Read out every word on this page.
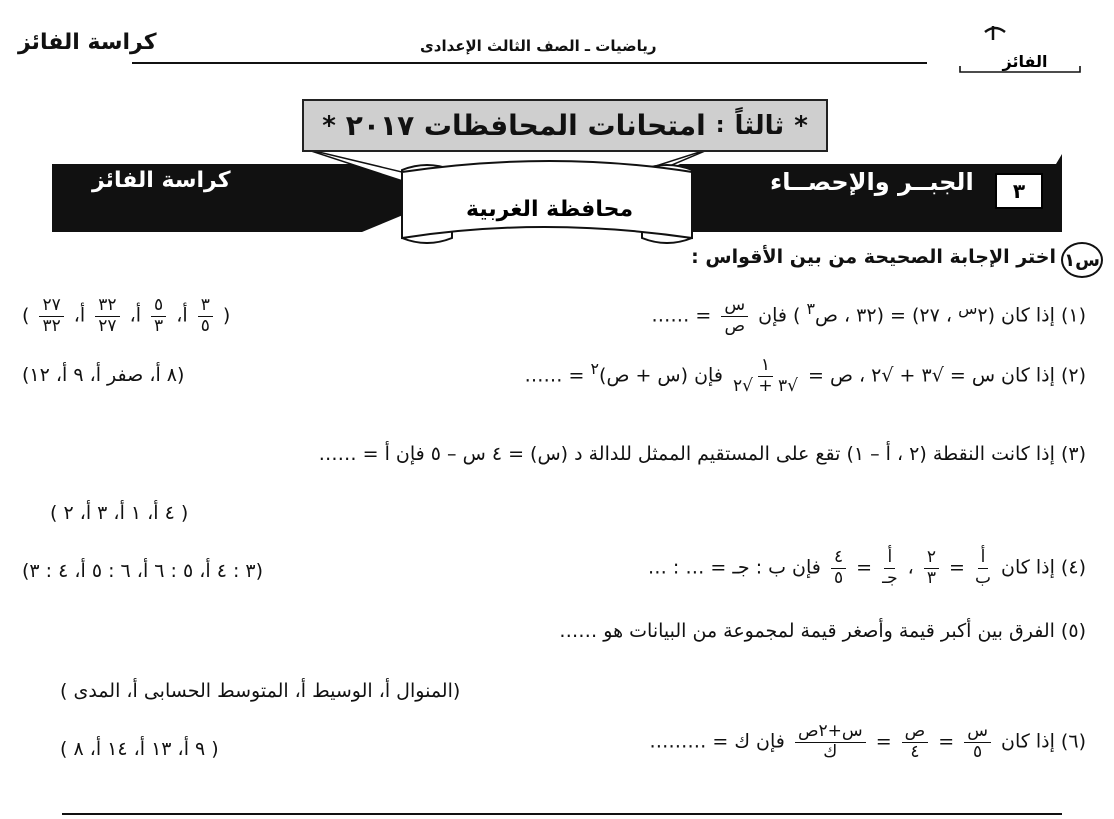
الفائز
رياضيات ـ الصف الثالث الإعدادى
كراسة الفائز
*
ثالثاً
:
امتحانات المحافظات ٢٠١٧
*
كراسة الفائز	الجبــر والإحصــاء	٣
محافظة الغربية
س١
اختر الإجابة الصحيحة من بين الأقواس :
(١) إذا كان ($٢^س$ ، ٢٧) = (٣٢ ، ص$^٣$ ) فإن
$\frac{\text{س}}{\text{ص}}$
= ……
(
$\frac{٣}{٥}$
أ،
$\frac{٥}{٣}$
أ،
$\frac{٣٢}{٢٧}$
أ،
$\frac{٢٧}{٣٢}$
)
(٢) إذا كان س = √٣ + √٢ ، ص =
$\frac{١}{√٣ + √٢}$
فإن (س + ص)$^٢$ = ……
(٨ أ، صفر أ، ٩ أ، ١٢)
(٣) إذا كانت النقطة (٢ ، أ – ١) تقع على المستقيم الممثل للدالة د (س) = ٤ س – ٥ فإن أ = ……
( ٤ أ، ١ أ، ٣ أ، ٢ )
(٤) إذا كان
$\frac{\text{أ}}{\text{ب}}$
=
$\frac{٢}{٣}$
،
$\frac{\text{أ}}{\text{جـ}}$
=
$\frac{٤}{٥}$
فإن ب : جـ = … : …
(٣ : ٤ أ، ٥ : ٦ أ، ٦ : ٥ أ، ٤ : ٣)
(٥) الفرق بين أكبر قيمة وأصغر قيمة لمجموعة من البيانات هو ……
(المنوال أ، الوسيط أ، المتوسط الحسابى أ، المدى )
(٦) إذا كان
$\frac{\text{س}}{٥}$
=
$\frac{\text{ص}}{٤}$
=
$\frac{\text{س+٢ص}}{\text{ك}}$
فإن ك = ………
( ٩ أ، ١٣ أ، ١٤ أ، ٨ )
